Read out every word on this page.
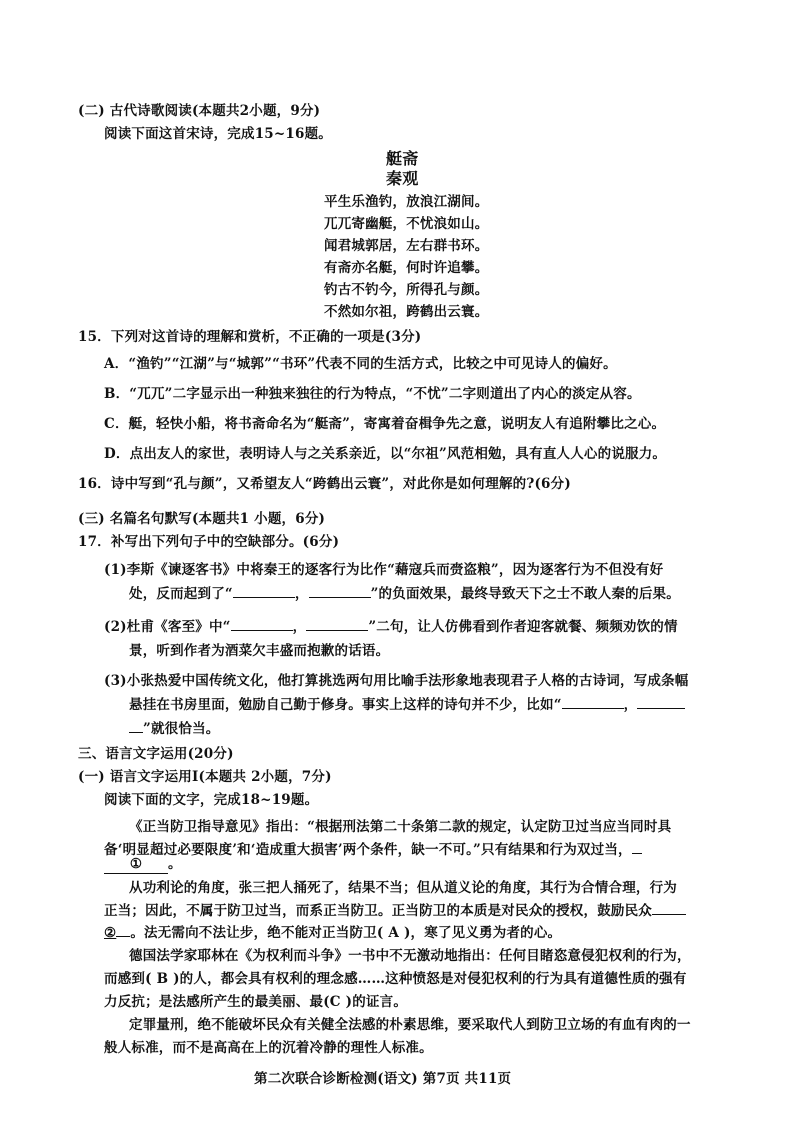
(二) 古代诗歌阅读(本题共2小题，9分)
阅读下面这首宋诗，完成15~16题。
艇斋
秦观
平生乐渔钓，放浪江湖间。
兀兀寄幽艇，不忧浪如山。
闻君城郭居，左右群书环。
有斋亦名艇，何时许追攀。
钓古不钓今，所得孔与颜。
不然如尔祖，跨鹤出云寰。
15．下列对这首诗的理解和赏析，不正确的一项是(3分)
A．“渔钓”“江湖”与“城郭”“书环”代表不同的生活方式，比较之中可见诗人的偏好。
B．“兀兀”二字显示出一种独来独往的行为特点，“不忧”二字则道出了内心的淡定从容。
C．艇，轻快小船，将书斋命名为“艇斋”，寄寓着奋楫争先之意，说明友人有追附攀比之心。
D．点出友人的家世，表明诗人与之关系亲近，以“尔祖”风范相勉，具有直人人心的说服力。
16．诗中写到“孔与颜”，又希望友人“跨鹤出云寰”，对此你是如何理解的?(6分)
(三) 名篇名句默写(本题共1 小题，6分)
17．补写出下列句子中的空缺部分。(6分)
(1)李斯《谏逐客书》中将秦王的逐客行为比作“藉寇兵而赍盗粮”，因为逐客行为不但没有好
处，反而起到了“	，	”的负面效果，最终导致天下之士不敢人秦的后果。
(2)杜甫《客至》中“	，	”二句，让人仿佛看到作者迎客就餐、频频劝饮的情
景，听到作者为酒菜欠丰盛而抱歉的话语。
(3)小张热爱中国传统文化，他打算挑选两句用比喻手法形象地表现君子人格的古诗词，写成条幅
悬挂在书房里面，勉励自己勤于修身。事实上这样的诗句并不少，比如“	，
”就很恰当。
三、语言文字运用(20分)
(一) 语言文字运用Ⅰ(本题共 2小题，7分)
阅读下面的文字，完成18~19题。
《正当防卫指导意见》指出：“根据刑法第二十条第二款的规定，认定防卫过当应当同时具
备‘明显超过必要限度’和‘造成重大损害’两个条件，缺一不可。”只有结果和行为双过当，
① 。
从功利论的角度，张三把人捅死了，结果不当；但从道义论的角度，其行为合情合理，行为
正当；因此，不属于防卫过当，而系正当防卫。正当防卫的本质是对民众的授权，鼓励民众
② 。法无需向不法让步，绝不能对正当防卫( A )，寒了见义勇为者的心。
德国法学家耶林在《为权利而斗争》一书中不无激动地指出：任何目睹恣意侵犯权利的行为，
而感到( B )的人，都会具有权利的理念感……这种愤怒是对侵犯权利的行为具有道德性质的强有
力反抗；是法感所产生的最美丽、最(C )的证言。
定罪量刑，绝不能破坏民众有关健全法感的朴素思维，要采取代人到防卫立场的有血有肉的一
般人标准，而不是高高在上的沉着冷静的理性人标准。
第二次联合诊断检测(语文) 第7页 共11页
